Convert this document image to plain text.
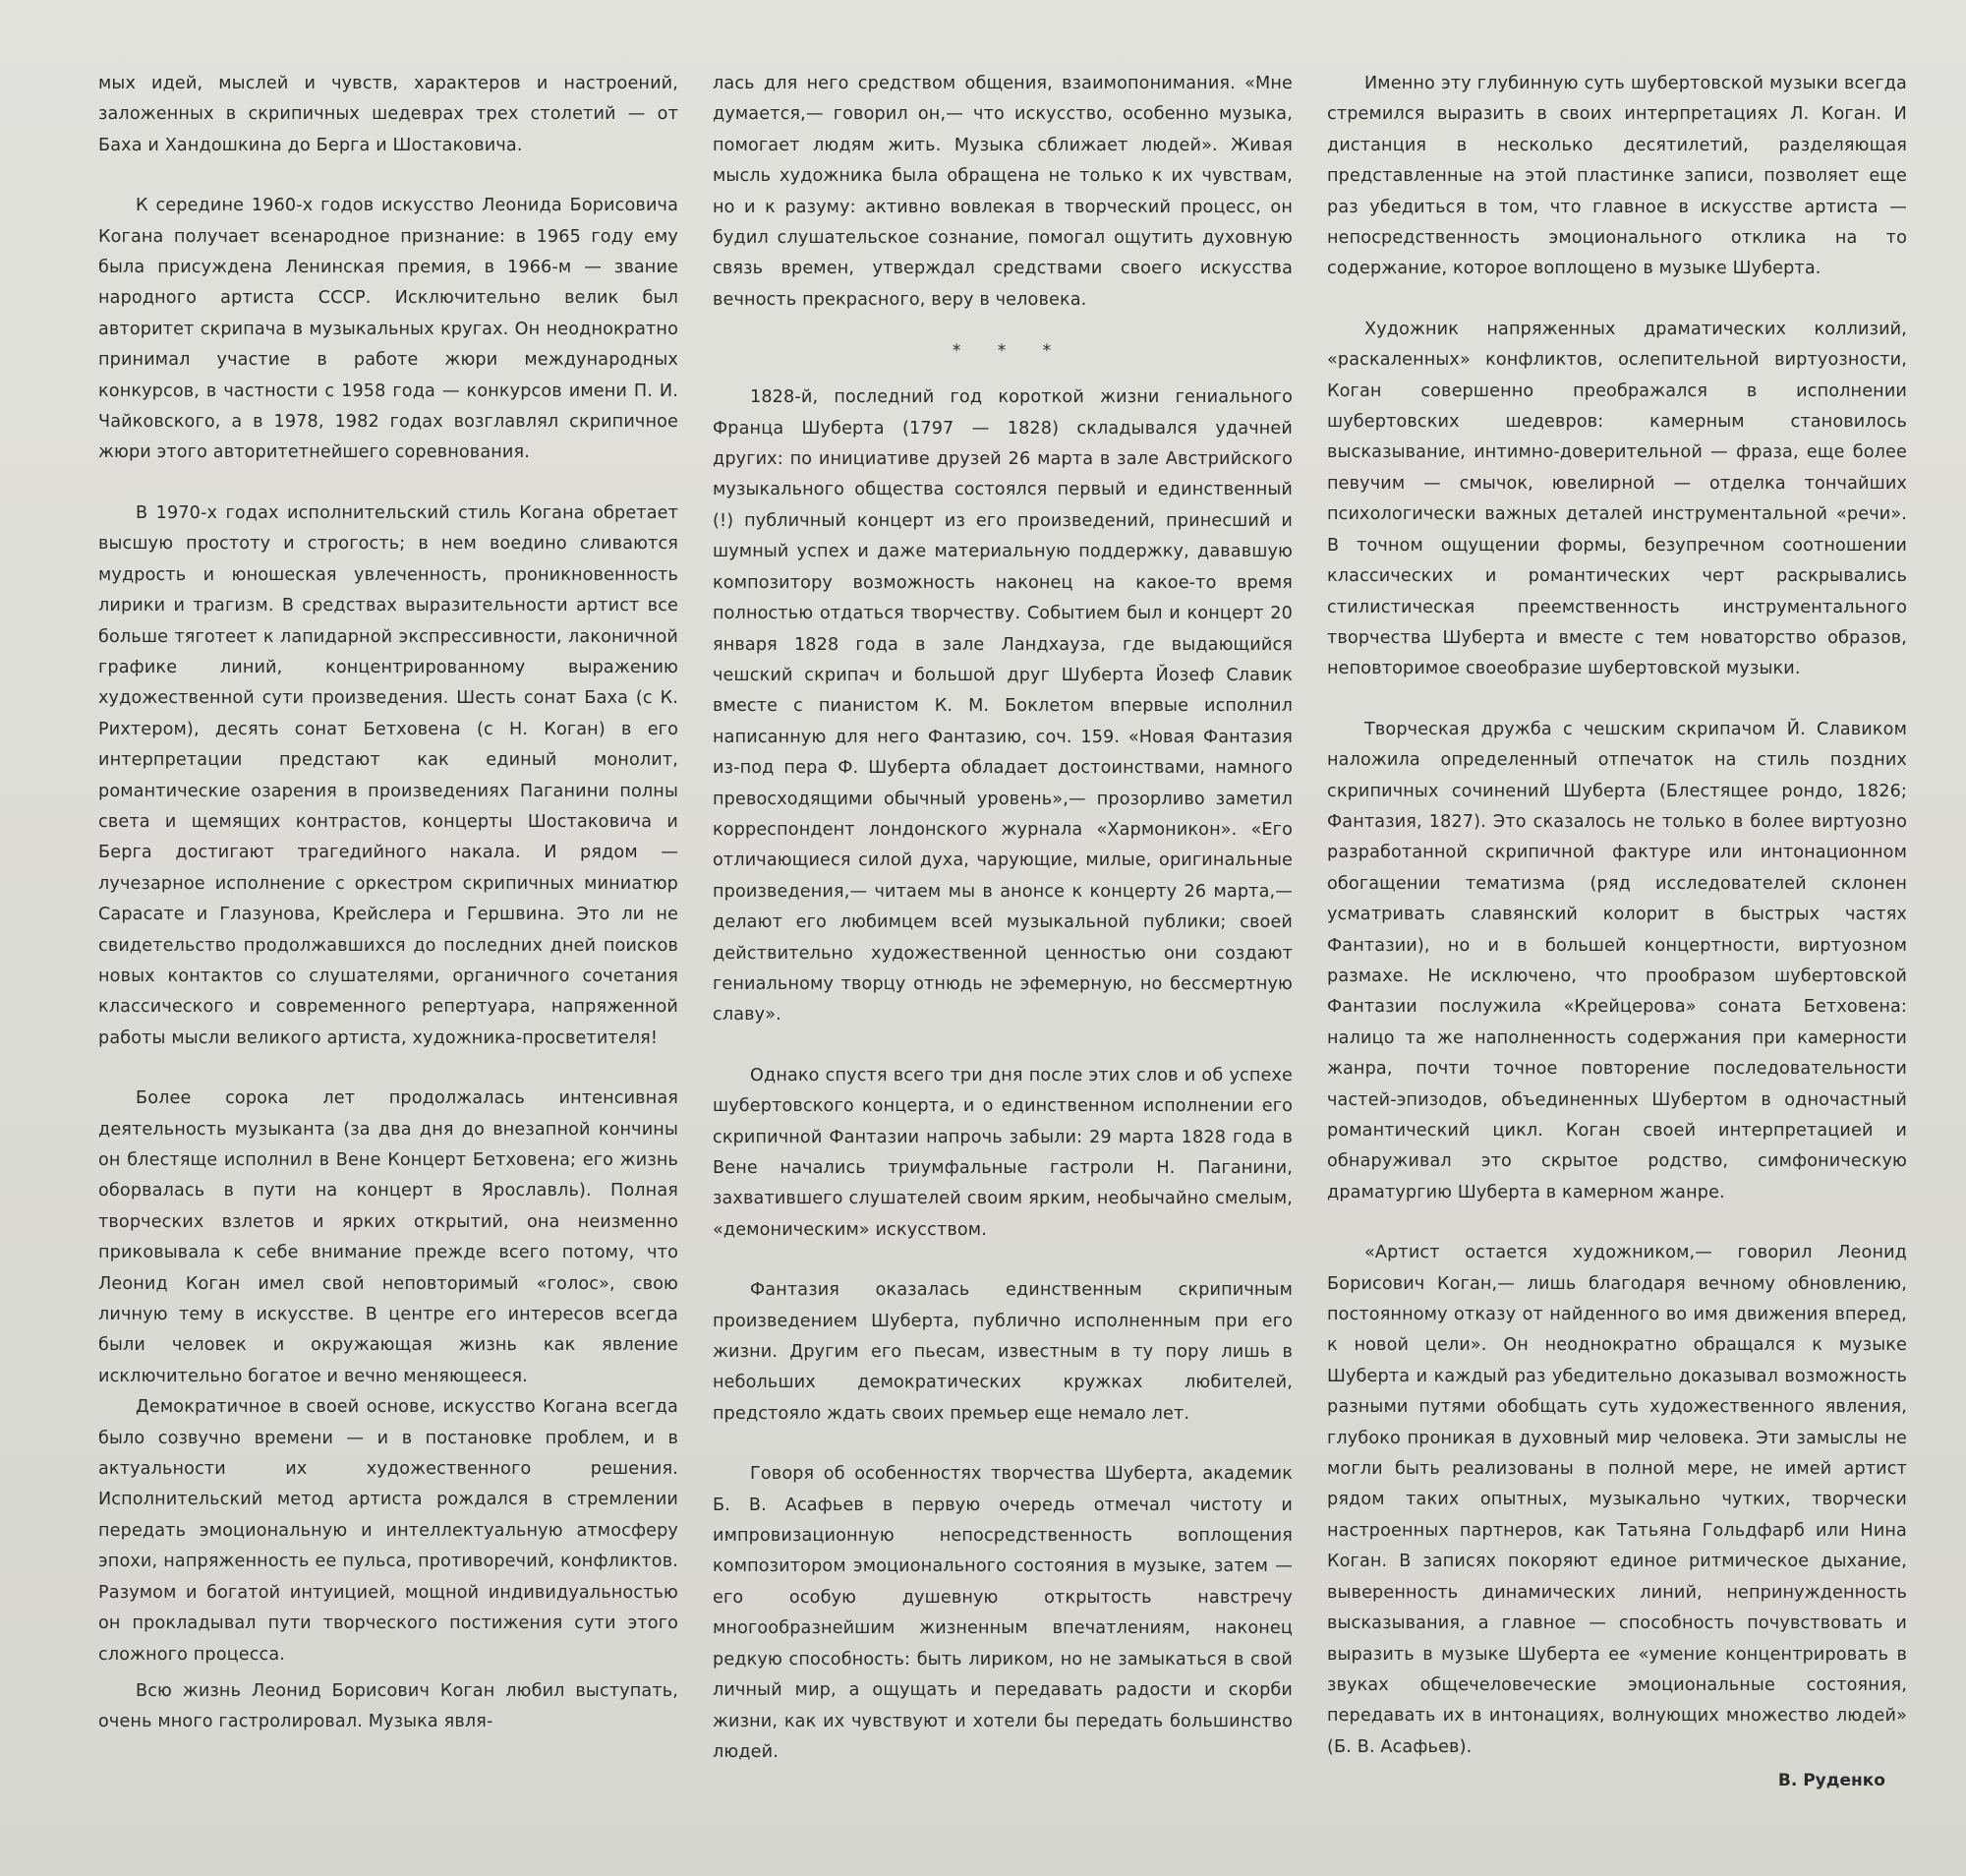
мых идей, мыслей и чувств, характеров и настроений, заложенных в скрипичных шедеврах трех столетий — от Баха и Хандошкина до Берга и Шостаковича.

К середине 1960-х годов искусство Леонида Борисовича Когана получает всенародное признание: в 1965 году ему была присуждена Ленинская премия, в 1966-м — звание народного артиста СССР. Исключительно велик был авторитет скрипача в музыкальных кругах. Он неоднократно принимал участие в работе жюри международных конкурсов, в частности с 1958 года — конкурсов имени П. И. Чайковского, а в 1978, 1982 годах возглавлял скрипичное жюри этого авторитетнейшего соревнования.

В 1970-х годах исполнительский стиль Когана обретает высшую простоту и строгость; в нем воедино сливаются мудрость и юношеская увлеченность, проникновенность лирики и трагизм. В средствах выразительности артист все больше тяготеет к лапидарной экспрессивности, лаконичной графике линий, концентрированному выражению художественной сути произведения. Шесть сонат Баха (с К. Рихтером), десять сонат Бетховена (с Н. Коган) в его интерпретации предстают как единый монолит, романтические озарения в произведениях Паганини полны света и щемящих контрастов, концерты Шостаковича и Берга достигают трагедийного накала. И рядом — лучезарное исполнение с оркестром скрипичных миниатюр Сарасате и Глазунова, Крейслера и Гершвина. Это ли не свидетельство продолжавшихся до последних дней поисков новых контактов со слушателями, органичного сочетания классического и современного репертуара, напряженной работы мысли великого артиста, художника-просветителя!

Более сорока лет продолжалась интенсивная деятельность музыканта (за два дня до внезапной кончины он блестяще исполнил в Вене Концерт Бетховена; его жизнь оборвалась в пути на концерт в Ярославль). Полная творческих взлетов и ярких открытий, она неизменно приковывала к себе внимание прежде всего потому, что Леонид Коган имел свой неповторимый «голос», свою личную тему в искусстве. В центре его интересов всегда были человек и окружающая жизнь как явление исключительно богатое и вечно меняющееся.

Демократичное в своей основе, искусство Когана всегда было созвучно времени — и в постановке проблем, и в актуальности их художественного решения. Исполнительский метод артиста рождался в стремлении передать эмоциональную и интеллектуальную атмосферу эпохи, напряженность ее пульса, противоречий, конфликтов. Разумом и богатой интуицией, мощной индивидуальностью он прокладывал пути творческого постижения сути этого сложного процесса.

Всю жизнь Леонид Борисович Коган любил выступать, очень много гастролировал. Музыка явля-

лась для него средством общения, взаимопонимания. «Мне думается,— говорил он,— что искусство, особенно музыка, помогает людям жить. Музыка сближает людей». Живая мысль художника была обращена не только к их чувствам, но и к разуму: активно вовлекая в творческий процесс, он будил слушательское сознание, помогал ощутить духовную связь времен, утверждал средствами своего искусства вечность прекрасного, веру в человека.

* * *

1828-й, последний год короткой жизни гениального Франца Шуберта (1797 — 1828) складывался удачней других: по инициативе друзей 26 марта в зале Австрийского музыкального общества состоялся первый и единственный (!) публичный концерт из его произведений, принесший и шумный успех и даже материальную поддержку, дававшую композитору возможность наконец на какое-то время полностью отдаться творчеству. Событием был и концерт 20 января 1828 года в зале Ландхауза, где выдающийся чешский скрипач и большой друг Шуберта Йозеф Славик вместе с пианистом К. М. Боклетом впервые исполнил написанную для него Фантазию, соч. 159. «Новая Фантазия из-под пера Ф. Шуберта обладает достоинствами, намного превосходящими обычный уровень»,— прозорливо заметил корреспондент лондонского журнала «Хармоникон». «Его отличающиеся силой духа, чарующие, милые, оригинальные произведения,— читаем мы в анонсе к концерту 26 марта,— делают его любимцем всей музыкальной публики; своей действительно художественной ценностью они создают гениальному творцу отнюдь не эфемерную, но бессмертную славу».

Однако спустя всего три дня после этих слов и об успехе шубертовского концерта, и о единственном исполнении его скрипичной Фантазии напрочь забыли: 29 марта 1828 года в Вене начались триумфальные гастроли Н. Паганини, захватившего слушателей своим ярким, необычайно смелым, «демоническим» искусством.

Фантазия оказалась единственным скрипичным произведением Шуберта, публично исполненным при его жизни. Другим его пьесам, известным в ту пору лишь в небольших демократических кружках любителей, предстояло ждать своих премьер еще немало лет.

Говоря об особенностях творчества Шуберта, академик Б. В. Асафьев в первую очередь отмечал чистоту и импровизационную непосредственность воплощения композитором эмоционального состояния в музыке, затем — его особую душевную открытость навстречу многообразнейшим жизненным впечатлениям, наконец редкую способность: быть лириком, но не замыкаться в свой личный мир, а ощущать и передавать радости и скорби жизни, как их чувствуют и хотели бы передать большинство людей.

Именно эту глубинную суть шубертовской музыки всегда стремился выразить в своих интерпретациях Л. Коган. И дистанция в несколько десятилетий, разделяющая представленные на этой пластинке записи, позволяет еще раз убедиться в том, что главное в искусстве артиста — непосредственность эмоционального отклика на то содержание, которое воплощено в музыке Шуберта.

Художник напряженных драматических коллизий, «раскаленных» конфликтов, ослепительной виртуозности, Коган совершенно преображался в исполнении шубертовских шедевров: камерным становилось высказывание, интимно-доверительной — фраза, еще более певучим — смычок, ювелирной — отделка тончайших психологически важных деталей инструментальной «речи». В точном ощущении формы, безупречном соотношении классических и романтических черт раскрывались стилистическая преемственность инструментального творчества Шуберта и вместе с тем новаторство образов, неповторимое своеобразие шубертовской музыки.

Творческая дружба с чешским скрипачом Й. Славиком наложила определенный отпечаток на стиль поздних скрипичных сочинений Шуберта (Блестящее рондо, 1826; Фантазия, 1827). Это сказалось не только в более виртуозно разработанной скрипичной фактуре или интонационном обогащении тематизма (ряд исследователей склонен усматривать славянский колорит в быстрых частях Фантазии), но и в большей концертности, виртуозном размахе. Не исключено, что прообразом шубертовской Фантазии послужила «Крейцерова» соната Бетховена: налицо та же наполненность содержания при камерности жанра, почти точное повторение последовательности частей-эпизодов, объединенных Шубертом в одночастный романтический цикл. Коган своей интерпретацией и обнаруживал это скрытое родство, симфоническую драматургию Шуберта в камерном жанре.

«Артист остается художником,— говорил Леонид Борисович Коган,— лишь благодаря вечному обновлению, постоянному отказу от найденного во имя движения вперед, к новой цели». Он неоднократно обращался к музыке Шуберта и каждый раз убедительно доказывал возможность разными путями обобщать суть художественного явления, глубоко проникая в духовный мир человека. Эти замыслы не могли быть реализованы в полной мере, не имей артист рядом таких опытных, музыкально чутких, творчески настроенных партнеров, как Татьяна Гольдфарб или Нина Коган. В записях покоряют единое ритмическое дыхание, выверенность динамических линий, непринужденность высказывания, а главное — способность почувствовать и выразить в музыке Шуберта ее «умение концентрировать в звуках общечеловеческие эмоциональные состояния, передавать их в интонациях, волнующих множество людей» (Б. В. Асафьев).

В. Руденко
